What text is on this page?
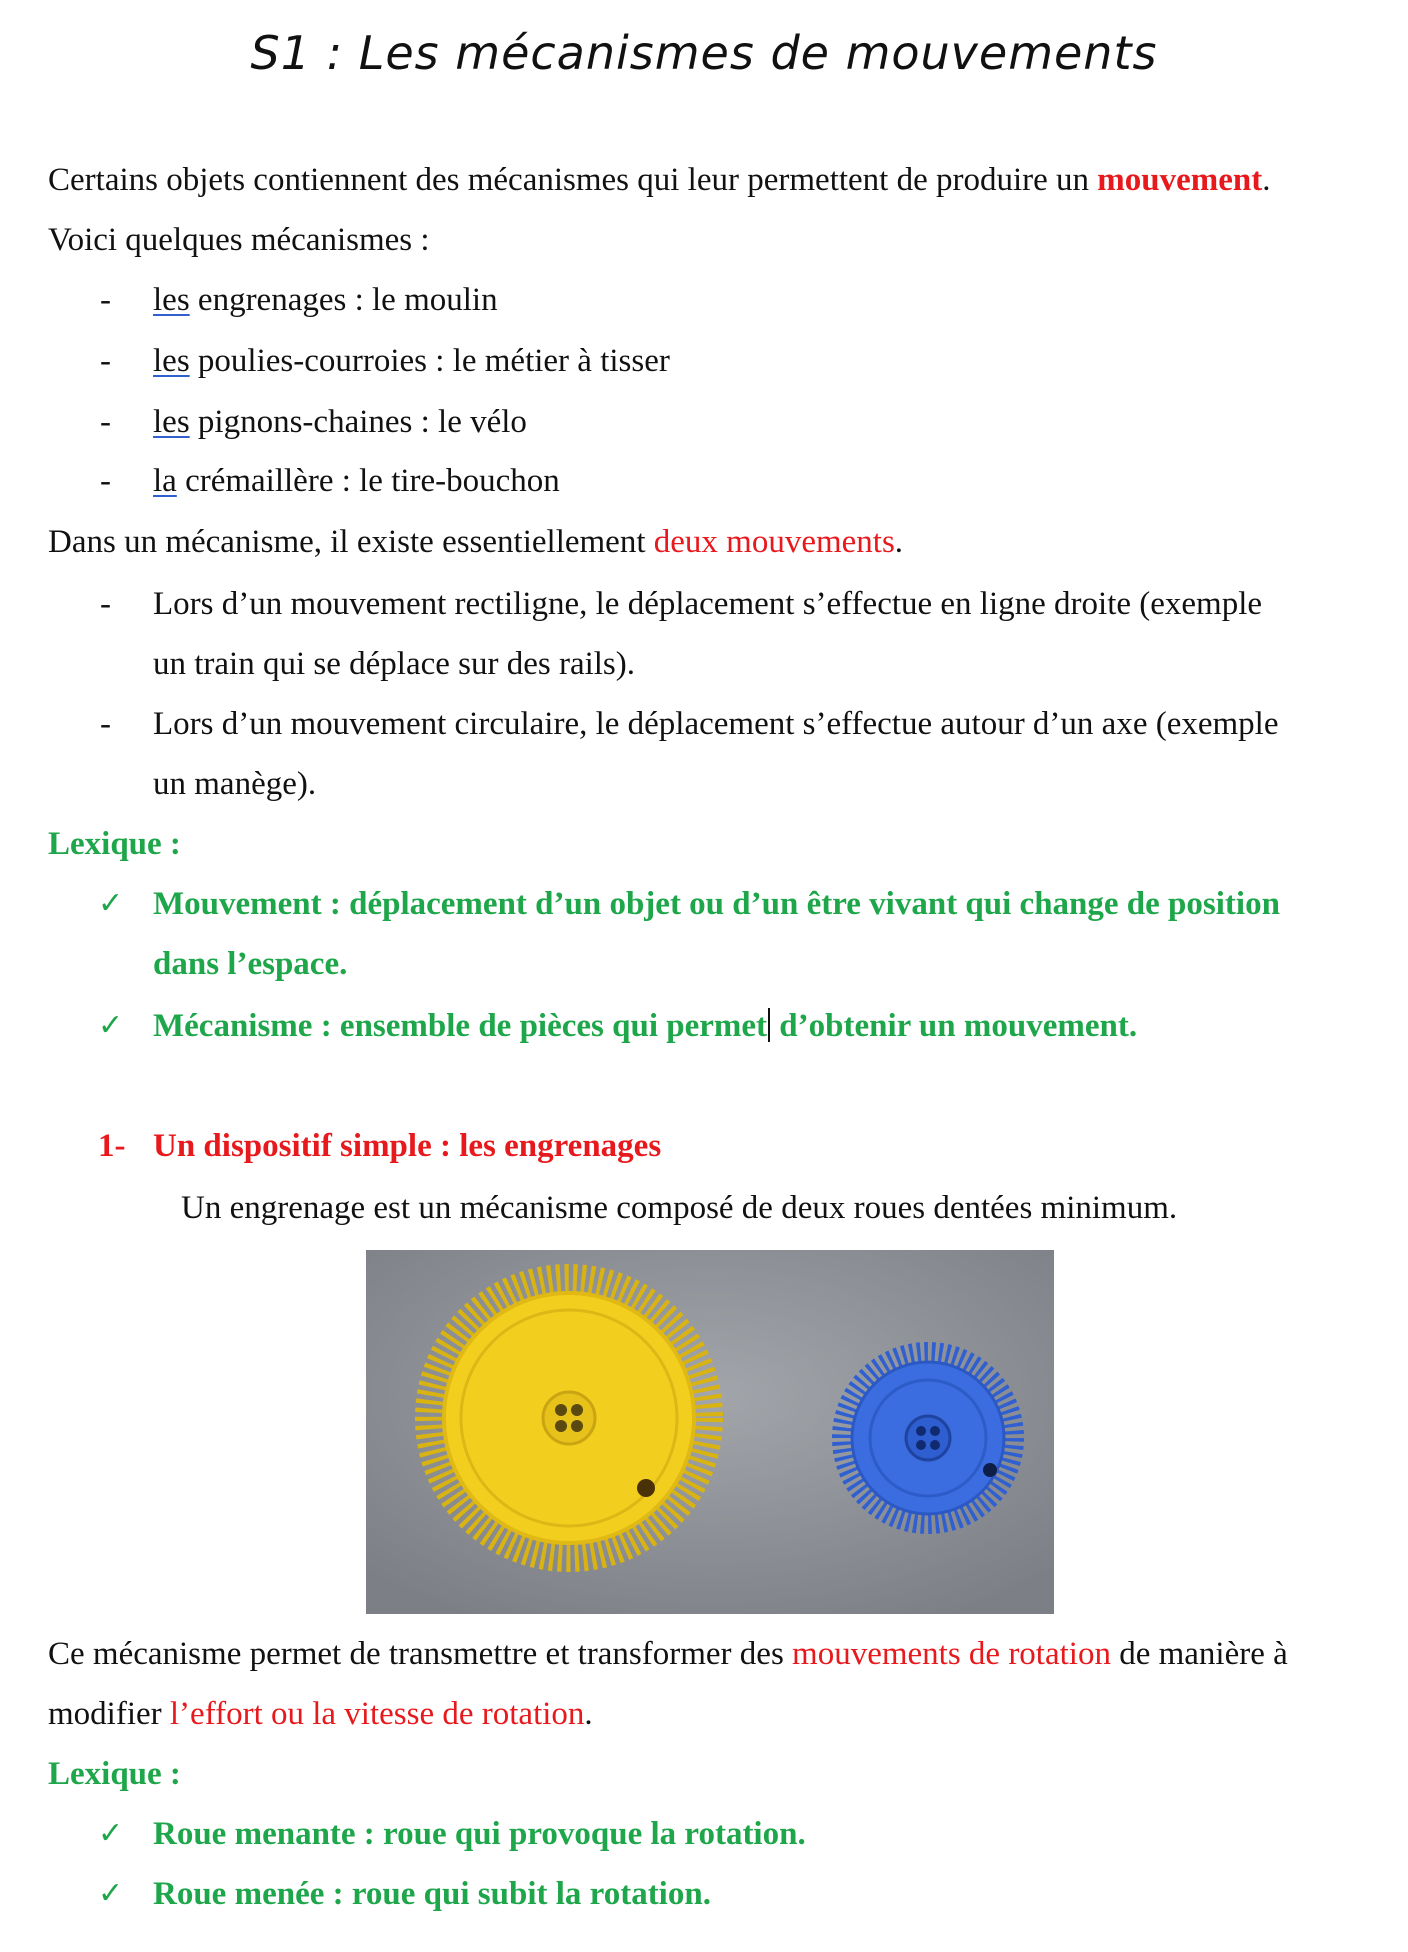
S1 : Les mécanismes de mouvements
Certains objets contiennent des mécanismes qui leur permettent de produire un mouvement.
Voici quelques mécanismes :
- les engrenages : le moulin
- les poulies-courroies : le métier à tisser
- les pignons-chaines : le vélo
- la crémaillère : le tire-bouchon
Dans un mécanisme, il existe essentiellement deux mouvements.
- Lors d’un mouvement rectiligne, le déplacement s’effectue en ligne droite (exemple
un train qui se déplace sur des rails).
- Lors d’un mouvement circulaire, le déplacement s’effectue autour d’un axe (exemple
un manège).
Lexique :
✓ Mouvement : déplacement d’un objet ou d’un être vivant qui change de position
dans l’espace.
✓ Mécanisme : ensemble de pièces qui permet d’obtenir un mouvement.
1- Un dispositif simple : les engrenages
Un engrenage est un mécanisme composé de deux roues dentées minimum.
Ce mécanisme permet de transmettre et transformer des mouvements de rotation de manière à
modifier l’effort ou la vitesse de rotation.
Lexique :
✓ Roue menante : roue qui provoque la rotation.
✓ Roue menée : roue qui subit la rotation.
